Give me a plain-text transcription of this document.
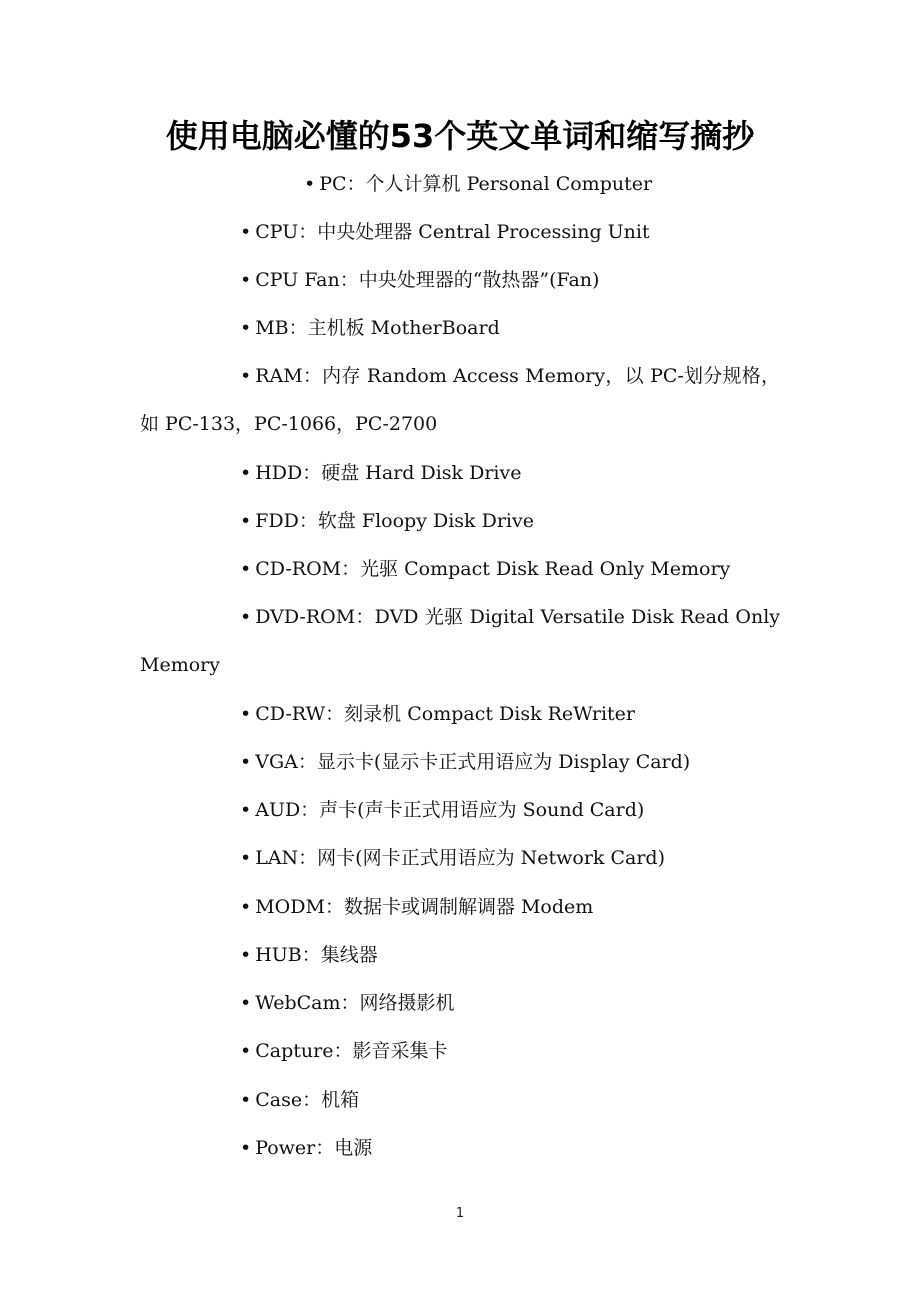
使用电脑必懂的53个英文单词和缩写摘抄

• PC：个人计算机 Personal Computer

• CPU：中央处理器 Central Processing Unit

• CPU Fan：中央处理器的“散热器”(Fan)

• MB：主机板 MotherBoard

• RAM：内存 Random Access Memory，以 PC-划分规格，如 PC-133，PC-1066，PC-2700

• HDD：硬盘 Hard Disk Drive

• FDD：软盘 Floopy Disk Drive

• CD-ROM：光驱 Compact Disk Read Only Memory

• DVD-ROM：DVD 光驱 Digital Versatile Disk Read Only Memory

• CD-RW：刻录机 Compact Disk ReWriter

• VGA：显示卡(显示卡正式用语应为 Display Card)

• AUD：声卡(声卡正式用语应为 Sound Card)

• LAN：网卡(网卡正式用语应为 Network Card)

• MODM：数据卡或调制解调器 Modem

• HUB：集线器

• WebCam：网络摄影机

• Capture：影音采集卡

• Case：机箱

• Power：电源

1
